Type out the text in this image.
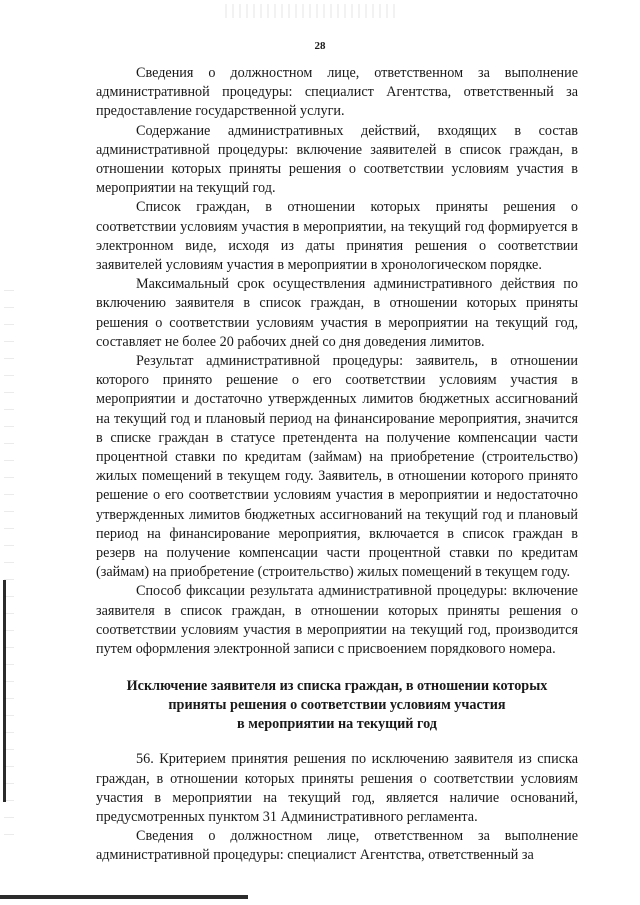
28

Сведения о должностном лице, ответственном за выполнение административной процедуры: специалист Агентства, ответственный за предоставление государственной услуги.

Содержание административных действий, входящих в состав административной процедуры: включение заявителей в список граждан, в отношении которых приняты решения о соответствии условиям участия в мероприятии на текущий год.

Список граждан, в отношении которых приняты решения о соответствии условиям участия в мероприятии, на текущий год формируется в электронном виде, исходя из даты принятия решения о соответствии заявителей условиям участия в мероприятии в хронологическом порядке.

Максимальный срок осуществления административного действия по включению заявителя в список граждан, в отношении которых приняты решения о соответствии условиям участия в мероприятии на текущий год, составляет не более 20 рабочих дней со дня доведения лимитов.

Результат административной процедуры: заявитель, в отношении которого принято решение о его соответствии условиям участия в мероприятии и достаточно утвержденных лимитов бюджетных ассигнований на текущий год и плановый период на финансирование мероприятия, значится в списке граждан в статусе претендента на получение компенсации части процентной ставки по кредитам (займам) на приобретение (строительство) жилых помещений в текущем году. Заявитель, в отношении которого принято решение о его соответствии условиям участия в мероприятии и недостаточно утвержденных лимитов бюджетных ассигнований на текущий год и плановый период на финансирование мероприятия, включается в список граждан в резерв на получение компенсации части процентной ставки по кредитам (займам) на приобретение (строительство) жилых помещений в текущем году.

Способ фиксации результата административной процедуры: включение заявителя в список граждан, в отношении которых приняты решения о соответствии условиям участия в мероприятии на текущий год, производится путем оформления электронной записи с присвоением порядкового номера.

Исключение заявителя из списка граждан, в отношении которых
приняты решения о соответствии условиям участия
в мероприятии на текущий год

56. Критерием принятия решения по исключению заявителя из списка граждан, в отношении которых приняты решения о соответствии условиям участия в мероприятии на текущий год, является наличие оснований, предусмотренных пунктом 31 Административного регламента.

Сведения о должностном лице, ответственном за выполнение административной процедуры: специалист Агентства, ответственный за
